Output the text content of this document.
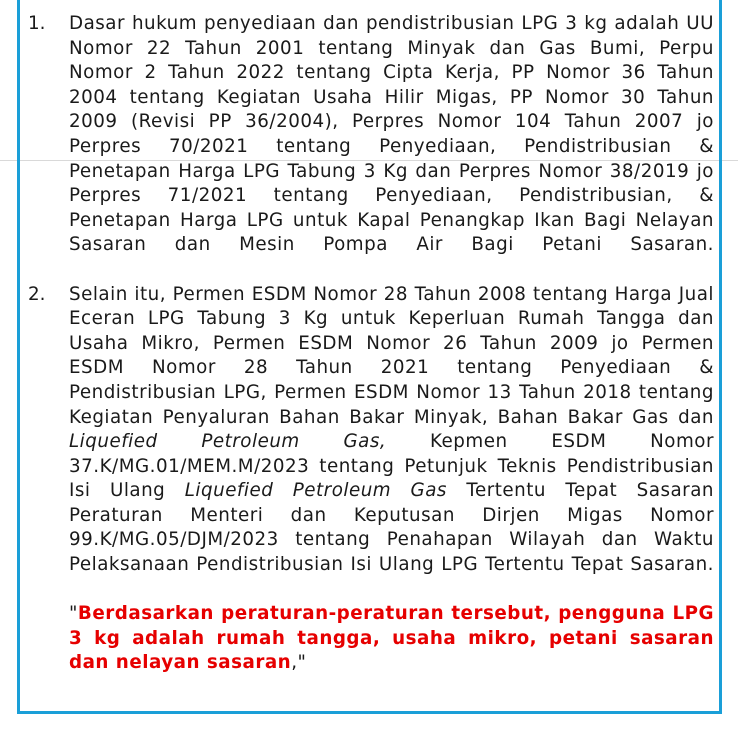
1. Dasar hukum penyediaan dan pendistribusian LPG 3 kg adalah UU Nomor 22 Tahun 2001 tentang Minyak dan Gas Bumi, Perpu Nomor 2 Tahun 2022 tentang Cipta Kerja, PP Nomor 36 Tahun 2004 tentang Kegiatan Usaha Hilir Migas, PP Nomor 30 Tahun 2009 (Revisi PP 36/2004), Perpres Nomor 104 Tahun 2007 jo Perpres 70/2021 tentang Penyediaan, Pendistribusian & Penetapan Harga LPG Tabung 3 Kg dan Perpres Nomor 38/2019 jo Perpres 71/2021 tentang Penyediaan, Pendistribusian, & Penetapan Harga LPG untuk Kapal Penangkap Ikan Bagi Nelayan Sasaran dan Mesin Pompa Air Bagi Petani Sasaran.
2. Selain itu, Permen ESDM Nomor 28 Tahun 2008 tentang Harga Jual Eceran LPG Tabung 3 Kg untuk Keperluan Rumah Tangga dan Usaha Mikro, Permen ESDM Nomor 26 Tahun 2009 jo Permen ESDM Nomor 28 Tahun 2021 tentang Penyediaan & Pendistribusian LPG, Permen ESDM Nomor 13 Tahun 2018 tentang Kegiatan Penyaluran Bahan Bakar Minyak, Bahan Bakar Gas dan Liquefied Petroleum Gas, Kepmen ESDM Nomor 37.K/MG.01/MEM.M/2023 tentang Petunjuk Teknis Pendistribusian Isi Ulang Liquefied Petroleum Gas Tertentu Tepat Sasaran Peraturan Menteri dan Keputusan Dirjen Migas Nomor 99.K/MG.05/DJM/2023 tentang Penahapan Wilayah dan Waktu Pelaksanaan Pendistribusian Isi Ulang LPG Tertentu Tepat Sasaran.
"Berdasarkan peraturan-peraturan tersebut, pengguna LPG 3 kg adalah rumah tangga, usaha mikro, petani sasaran dan nelayan sasaran,"
